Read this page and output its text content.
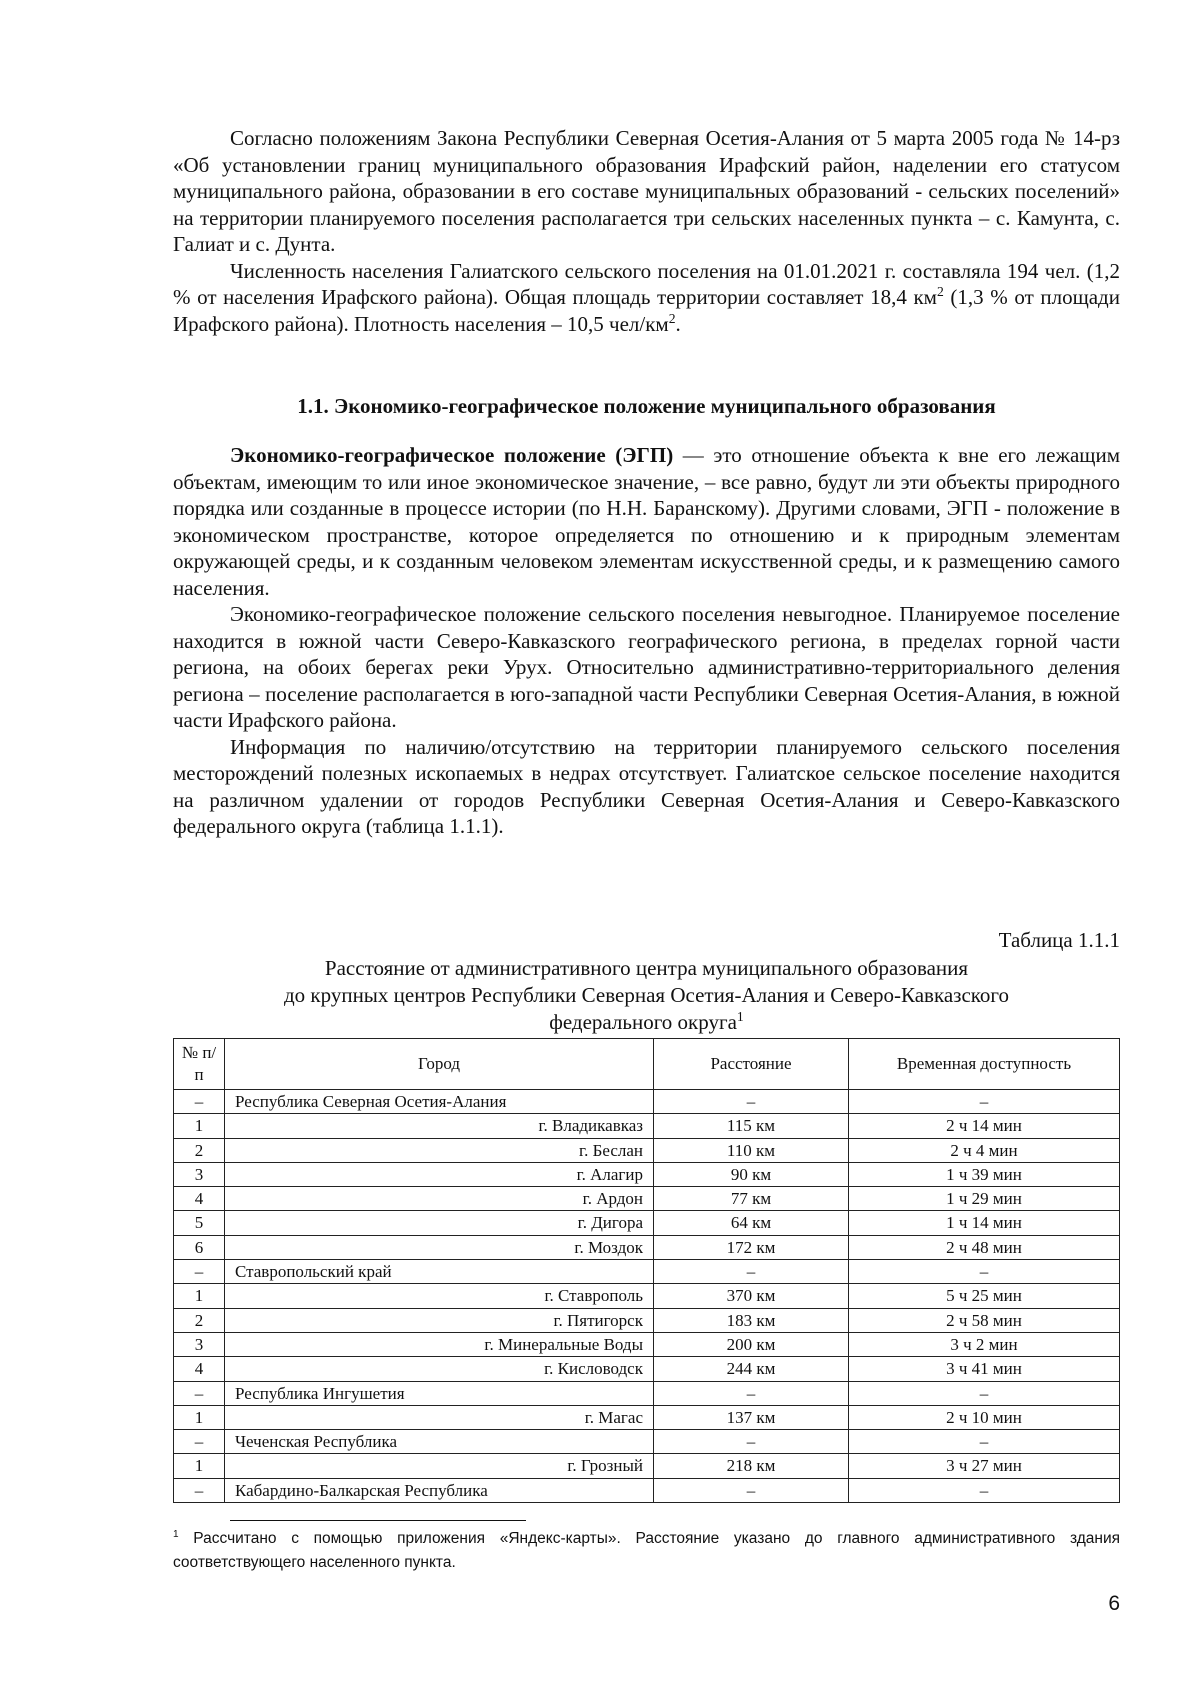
Согласно положениям Закона Республики Северная Осетия-Алания от 5 марта 2005 года № 14-рз «Об установлении границ муниципального образования Ирафский район, наделении его статусом муниципального района, образовании в его составе муниципальных образований - сельских поселений» на территории планируемого поселения располагается три сельских населенных пункта – с. Камунта, с. Галиат и с. Дунта.

Численность населения Галиатского сельского поселения на 01.01.2021 г. составляла 194 чел. (1,2 % от населения Ирафского района). Общая площадь территории составляет 18,4 $км^2$ (1,3 % от площади Ирафского района). Плотность населения – 10,5 чел/$км^2$.

1.1. Экономико-географическое положение муниципального образования

Экономико-географическое положение (ЭГП) — это отношение объекта к вне его лежащим объектам, имеющим то или иное экономическое значение, – все равно, будут ли эти объекты природного порядка или созданные в процессе истории (по Н.Н. Баранскому). Другими словами, ЭГП - положение в экономическом пространстве, которое определяется по отношению и к природным элементам окружающей среды, и к созданным человеком элементам искусственной среды, и к размещению самого населения.

Экономико-географическое положение сельского поселения невыгодное. Планируемое поселение находится в южной части Северо-Кавказского географического региона, в пределах горной части региона, на обоих берегах реки Урух. Относительно административно-территориального деления региона – поселение располагается в юго-западной части Республики Северная Осетия-Алания, в южной части Ирафского района.

Информация по наличию/отсутствию на территории планируемого сельского поселения месторождений полезных ископаемых в недрах отсутствует. Галиатское сельское поселение находится на различном удалении от городов Республики Северная Осетия-Алания и Северо-Кавказского федерального округа (таблица 1.1.1).

Таблица 1.1.1
Расстояние от административного центра муниципального образования
до крупных центров Республики Северная Осетия-Алания и Северо-Кавказского
федерального округа$^1$
№ п/п	Город	Расстояние	Временная доступность
–	Республика Северная Осетия-Алания	–	–
1	г. Владикавказ	115 км	2 ч 14 мин
2	г. Беслан	110 км	2 ч 4 мин
3	г. Алагир	90 км	1 ч 39 мин
4	г. Ардон	77 км	1 ч 29 мин
5	г. Дигора	64 км	1 ч 14 мин
6	г. Моздок	172 км	2 ч 48 мин
–	Ставропольский край	–	–
1	г. Ставрополь	370 км	5 ч 25 мин
2	г. Пятигорск	183 км	2 ч 58 мин
3	г. Минеральные Воды	200 км	3 ч 2 мин
4	г. Кисловодск	244 км	3 ч 41 мин
–	Республика Ингушетия	–	–
1	г. Магас	137 км	2 ч 10 мин
–	Чеченская Республика	–	–
1	г. Грозный	218 км	3 ч 27 мин
–	Кабардино-Балкарская Республика	–	–
$^1$ Рассчитано с помощью приложения «Яндекс-карты». Расстояние указано до главного административного здания соответствующего населенного пункта.
6
